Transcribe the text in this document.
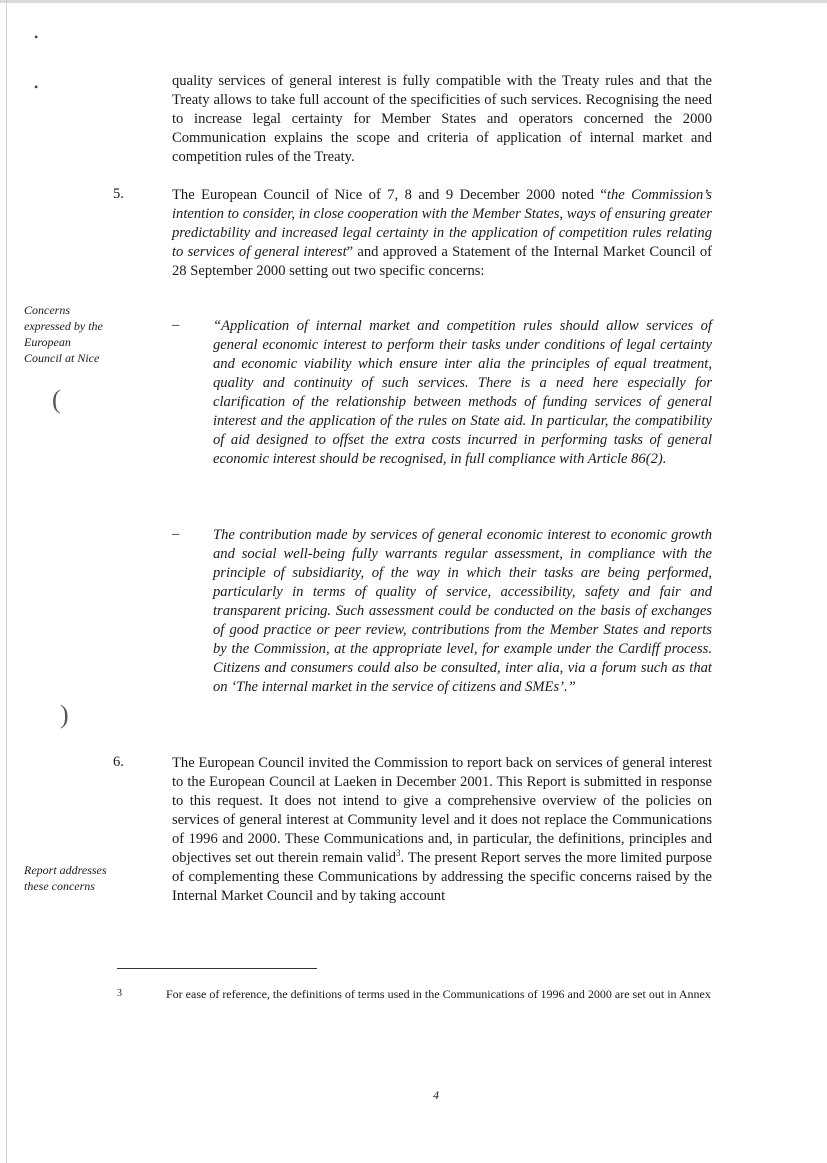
•
•
(
)
quality services of general interest is fully compatible with the Treaty rules and that the Treaty allows to take full account of the specificities of such services. Recognising the need to increase legal certainty for Member States and operators concerned the 2000 Communication explains the scope and criteria of application of internal market and competition rules of the Treaty.
5.	The European Council of Nice of 7, 8 and 9 December 2000 noted “the Commission’s intention to consider, in close cooperation with the Member States, ways of ensuring greater predictability and increased legal certainty in the application of competition rules relating to services of general interest” and approved a Statement of the Internal Market Council of 28 September 2000 setting out two specific concerns:
Concerns expressed by the European Council at Nice
– “Application of internal market and competition rules should allow services of general economic interest to perform their tasks under conditions of legal certainty and economic viability which ensure inter alia the principles of equal treatment, quality and continuity of such services. There is a need here especially for clarification of the relationship between methods of funding services of general interest and the application of the rules on State aid. In particular, the compatibility of aid designed to offset the extra costs incurred in performing tasks of general economic interest should be recognised, in full compliance with Article 86(2).
– The contribution made by services of general economic interest to economic growth and social well-being fully warrants regular assessment, in compliance with the principle of subsidiarity, of the way in which their tasks are being performed, particularly in terms of quality of service, accessibility, safety and fair and transparent pricing. Such assessment could be conducted on the basis of exchanges of good practice or peer review, contributions from the Member States and reports by the Commission, at the appropriate level, for example under the Cardiff process. Citizens and consumers could also be consulted, inter alia, via a forum such as that on ‘The internal market in the service of citizens and SMEs’.”
6.	The European Council invited the Commission to report back on services of general interest to the European Council at Laeken in December 2001. This Report is submitted in response to this request. It does not intend to give a comprehensive overview of the policies on services of general interest at Community level and it does not replace the Communications of 1996 and 2000. These Communications and, in particular, the definitions, principles and objectives set out therein remain valid$^3$. The present Report serves the more limited purpose of complementing these Communications by addressing the specific concerns raised by the Internal Market Council and by taking account
Report addresses these concerns
3	For ease of reference, the definitions of terms used in the Communications of 1996 and 2000 are set out in Annex
4
